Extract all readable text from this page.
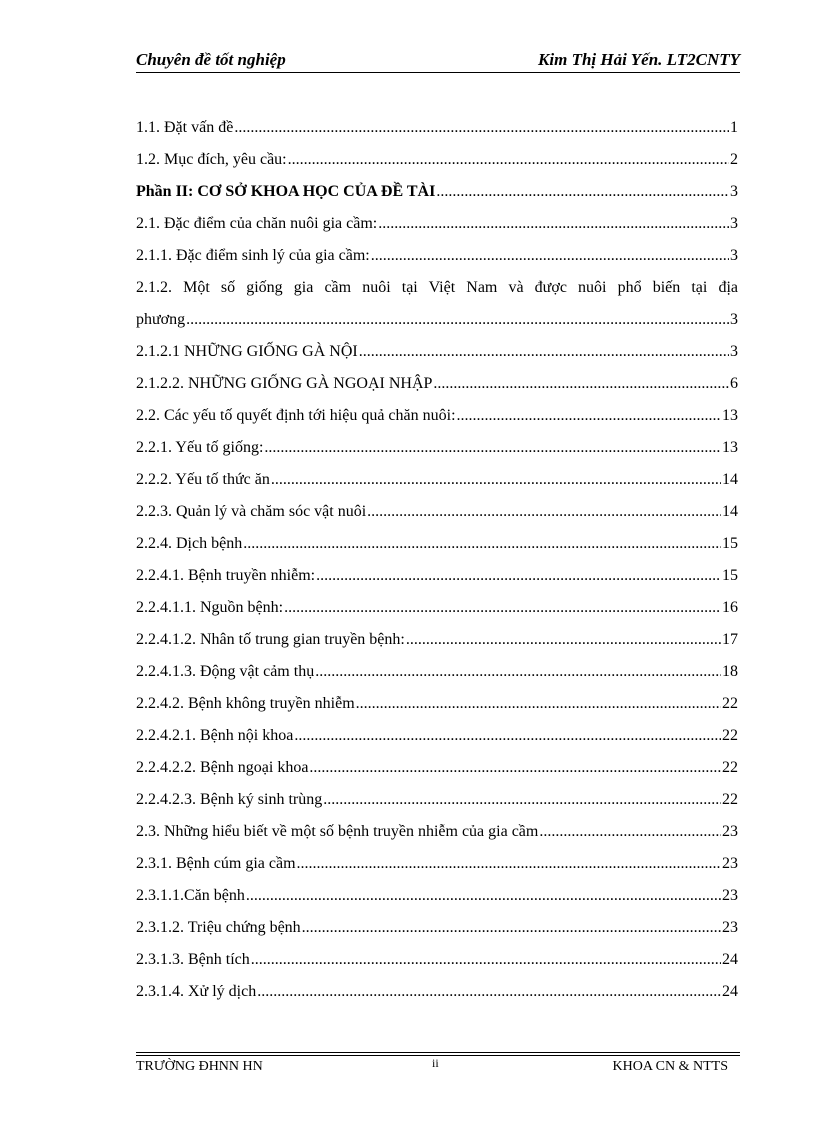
Chuyên đề tốt nghiệp	Kim Thị Hải Yến. LT2CNTY
1.1. Đặt vấn đề .....	1
1.2. Mục đích, yêu cầu: .....	2
Phần II: CƠ SỞ KHOA HỌC CỦA ĐỀ TÀI .....	3
2.1. Đặc điểm của chăn nuôi gia cầm: .....	3
2.1.1. Đặc điểm sinh lý của gia cầm: .....	3
2.1.2. Một số giống gia cầm nuôi tại Việt Nam và được nuôi phổ biến tại địa
phương .....	3
2.1.2.1 NHỮNG GIỐNG GÀ NỘI .....	3
2.1.2.2. NHỮNG GIỐNG GÀ NGOẠI NHẬP .....	6
2.2. Các yếu tố quyết định tới hiệu quả chăn nuôi: .....	13
2.2.1. Yếu tố giống: .....	13
2.2.2. Yếu tố thức ăn .....	14
2.2.3. Quản lý và chăm sóc vật nuôi .....	14
2.2.4. Dịch bệnh .....	15
2.2.4.1. Bệnh truyền nhiễm: .....	15
2.2.4.1.1. Nguồn bệnh: .....	16
2.2.4.1.2. Nhân tố trung gian truyền bệnh: .....	17
2.2.4.1.3. Động vật cảm thụ .....	18
2.2.4.2. Bệnh không truyền nhiễm .....	22
2.2.4.2.1. Bệnh nội khoa .....	22
2.2.4.2.2. Bệnh ngoại khoa .....	22
2.2.4.2.3. Bệnh ký sinh trùng .....	22
2.3. Những hiểu biết về một số bệnh truyền nhiễm của gia cầm .....	23
2.3.1. Bệnh cúm gia cầm .....	23
2.3.1.1.Căn bệnh .....	23
2.3.1.2. Triệu chứng bệnh .....	23
2.3.1.3. Bệnh tích .....	24
2.3.1.4. Xử lý dịch .....	24
TRƯỜNG ĐHNN HN	ii	KHOA CN & NTTS
